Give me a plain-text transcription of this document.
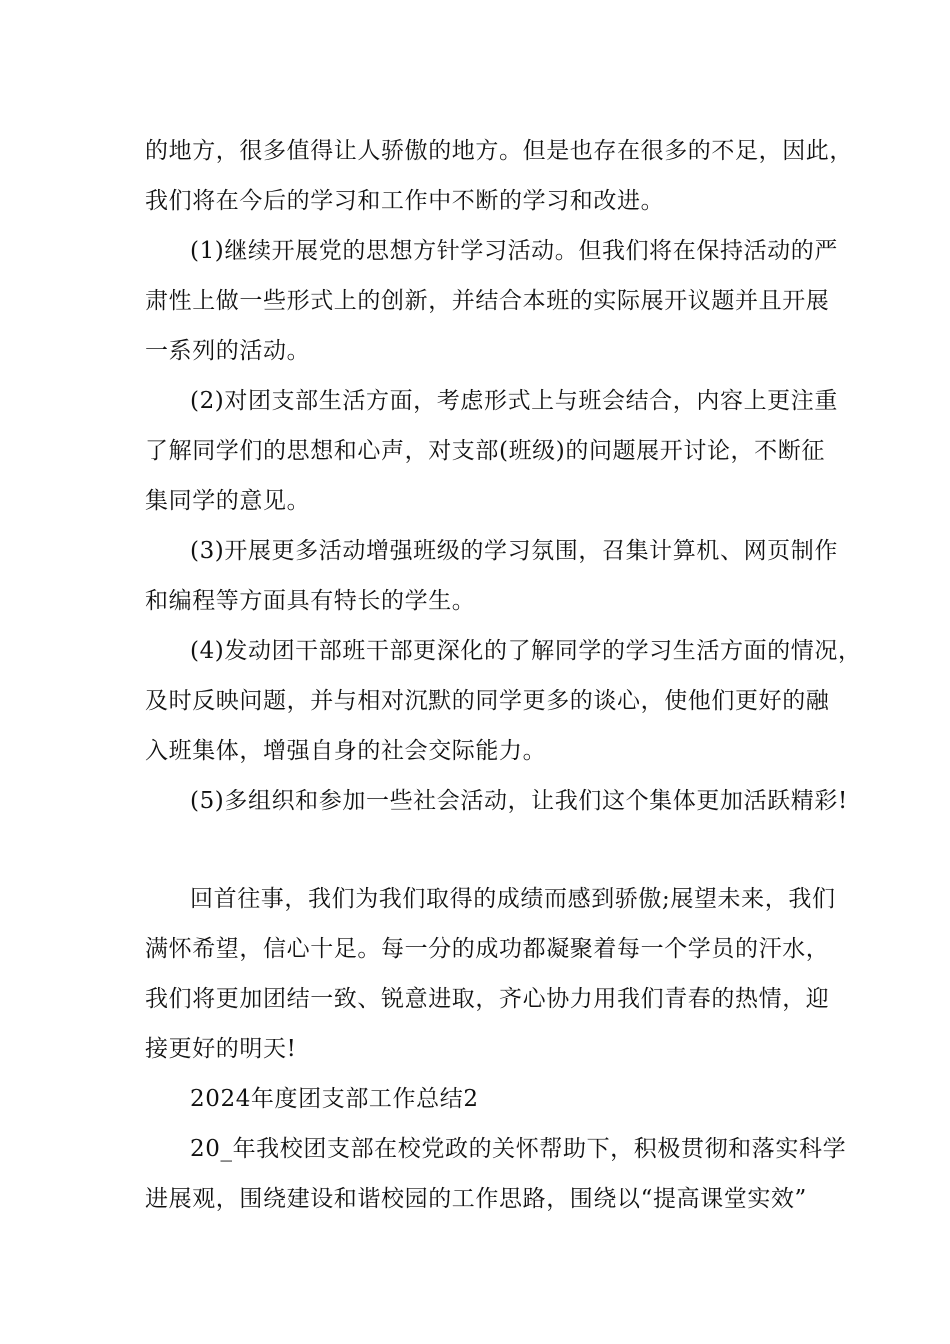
的地方，很多值得让人骄傲的地方。但是也存在很多的不足，因此，
我们将在今后的学习和工作中不断的学习和改进。
(1)继续开展党的思想方针学习活动。但我们将在保持活动的严
肃性上做一些形式上的创新，并结合本班的实际展开议题并且开展
一系列的活动。
(2)对团支部生活方面，考虑形式上与班会结合，内容上更注重
了解同学们的思想和心声，对支部(班级)的问题展开讨论，不断征
集同学的意见。
(3)开展更多活动增强班级的学习氛围，召集计算机、网页制作
和编程等方面具有特长的学生。
(4)发动团干部班干部更深化的了解同学的学习生活方面的情况，
及时反映问题，并与相对沉默的同学更多的谈心，使他们更好的融
入班集体，增强自身的社会交际能力。
(5)多组织和参加一些社会活动，让我们这个集体更加活跃精彩!
回首往事，我们为我们取得的成绩而感到骄傲;展望未来，我们
满怀希望，信心十足。每一分的成功都凝聚着每一个学员的汗水，
我们将更加团结一致、锐意进取，齐心协力用我们青春的热情，迎
接更好的明天!
2024年度团支部工作总结2
20_年我校团支部在校党政的关怀帮助下，积极贯彻和落实科学
进展观，围绕建设和谐校园的工作思路，围绕以“提高课堂实效”
